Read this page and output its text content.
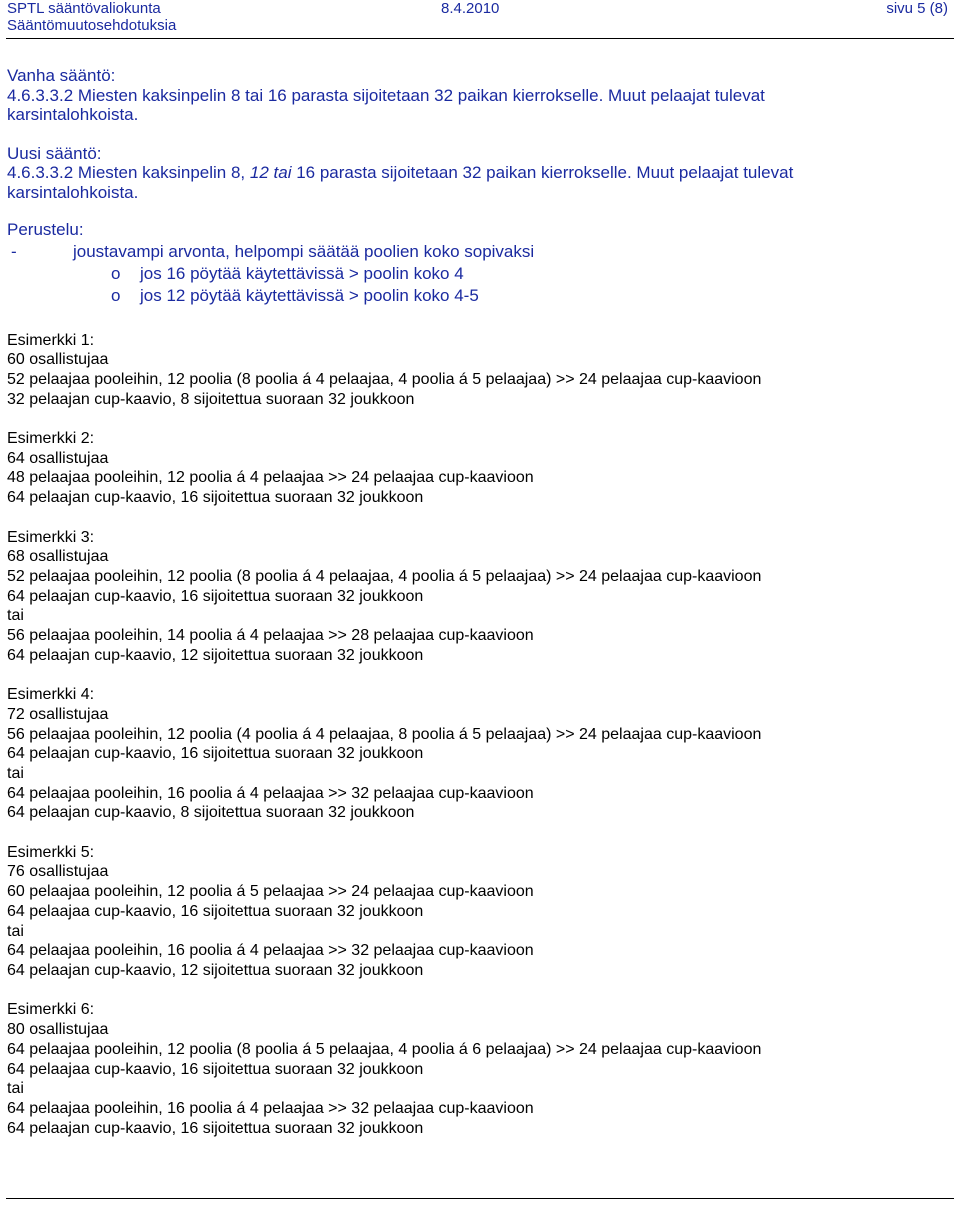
SPTL sääntövaliokunta
Sääntömuutosehdotuksia
8.4.2010	sivu 5 (8)

Vanha sääntö:

4.6.3.3.2 Miesten kaksinpelin 8 tai 16 parasta sijoitetaan 32 paikan kierrokselle. Muut pelaajat tulevat

karsintalohkoista.

Uusi sääntö:

4.6.3.3.2 Miesten kaksinpelin 8, 12 tai 16 parasta sijoitetaan 32 paikan kierrokselle. Muut pelaajat tulevat

karsintalohkoista.

Perustelu:
-	joustavampi arvonta, helpompi säätää poolien koko sopivaksi
o jos 16 pöytää käytettävissä > poolin koko 4
o jos 12 pöytää käytettävissä > poolin koko 4-5

Esimerkki 1:

60 osallistujaa

52 pelaajaa pooleihin, 12 poolia (8 poolia á 4 pelaajaa, 4 poolia á 5 pelaajaa) >> 24 pelaajaa cup-kaavioon

32 pelaajan cup-kaavio, 8 sijoitettua suoraan 32 joukkoon

Esimerkki 2:

64 osallistujaa

48 pelaajaa pooleihin, 12 poolia á 4 pelaajaa >> 24 pelaajaa cup-kaavioon

64 pelaajan cup-kaavio, 16 sijoitettua suoraan 32 joukkoon

Esimerkki 3:

68 osallistujaa

52 pelaajaa pooleihin, 12 poolia (8 poolia á 4 pelaajaa, 4 poolia á 5 pelaajaa) >> 24 pelaajaa cup-kaavioon

64 pelaajan cup-kaavio, 16 sijoitettua suoraan 32 joukkoon

tai

56 pelaajaa pooleihin, 14 poolia á 4 pelaajaa >> 28 pelaajaa cup-kaavioon

64 pelaajan cup-kaavio, 12 sijoitettua suoraan 32 joukkoon

Esimerkki 4:

72 osallistujaa

56 pelaajaa pooleihin, 12 poolia (4 poolia á 4 pelaajaa, 8 poolia á 5 pelaajaa) >> 24 pelaajaa cup-kaavioon

64 pelaajan cup-kaavio, 16 sijoitettua suoraan 32 joukkoon

tai

64 pelaajaa pooleihin, 16 poolia á 4 pelaajaa >> 32 pelaajaa cup-kaavioon

64 pelaajan cup-kaavio, 8 sijoitettua suoraan 32 joukkoon

Esimerkki 5:

76 osallistujaa

60 pelaajaa pooleihin, 12 poolia á 5 pelaajaa >> 24 pelaajaa cup-kaavioon

64 pelaajaa cup-kaavio, 16 sijoitettua suoraan 32 joukkoon

tai

64 pelaajaa pooleihin, 16 poolia á 4 pelaajaa >> 32 pelaajaa cup-kaavioon

64 pelaajan cup-kaavio, 12 sijoitettua suoraan 32 joukkoon

Esimerkki 6:

80 osallistujaa

64 pelaajaa pooleihin, 12 poolia (8 poolia á 5 pelaajaa, 4 poolia á 6 pelaajaa) >> 24 pelaajaa cup-kaavioon

64 pelaajaa cup-kaavio, 16 sijoitettua suoraan 32 joukkoon

tai

64 pelaajaa pooleihin, 16 poolia á 4 pelaajaa >> 32 pelaajaa cup-kaavioon

64 pelaajan cup-kaavio, 16 sijoitettua suoraan 32 joukkoon
